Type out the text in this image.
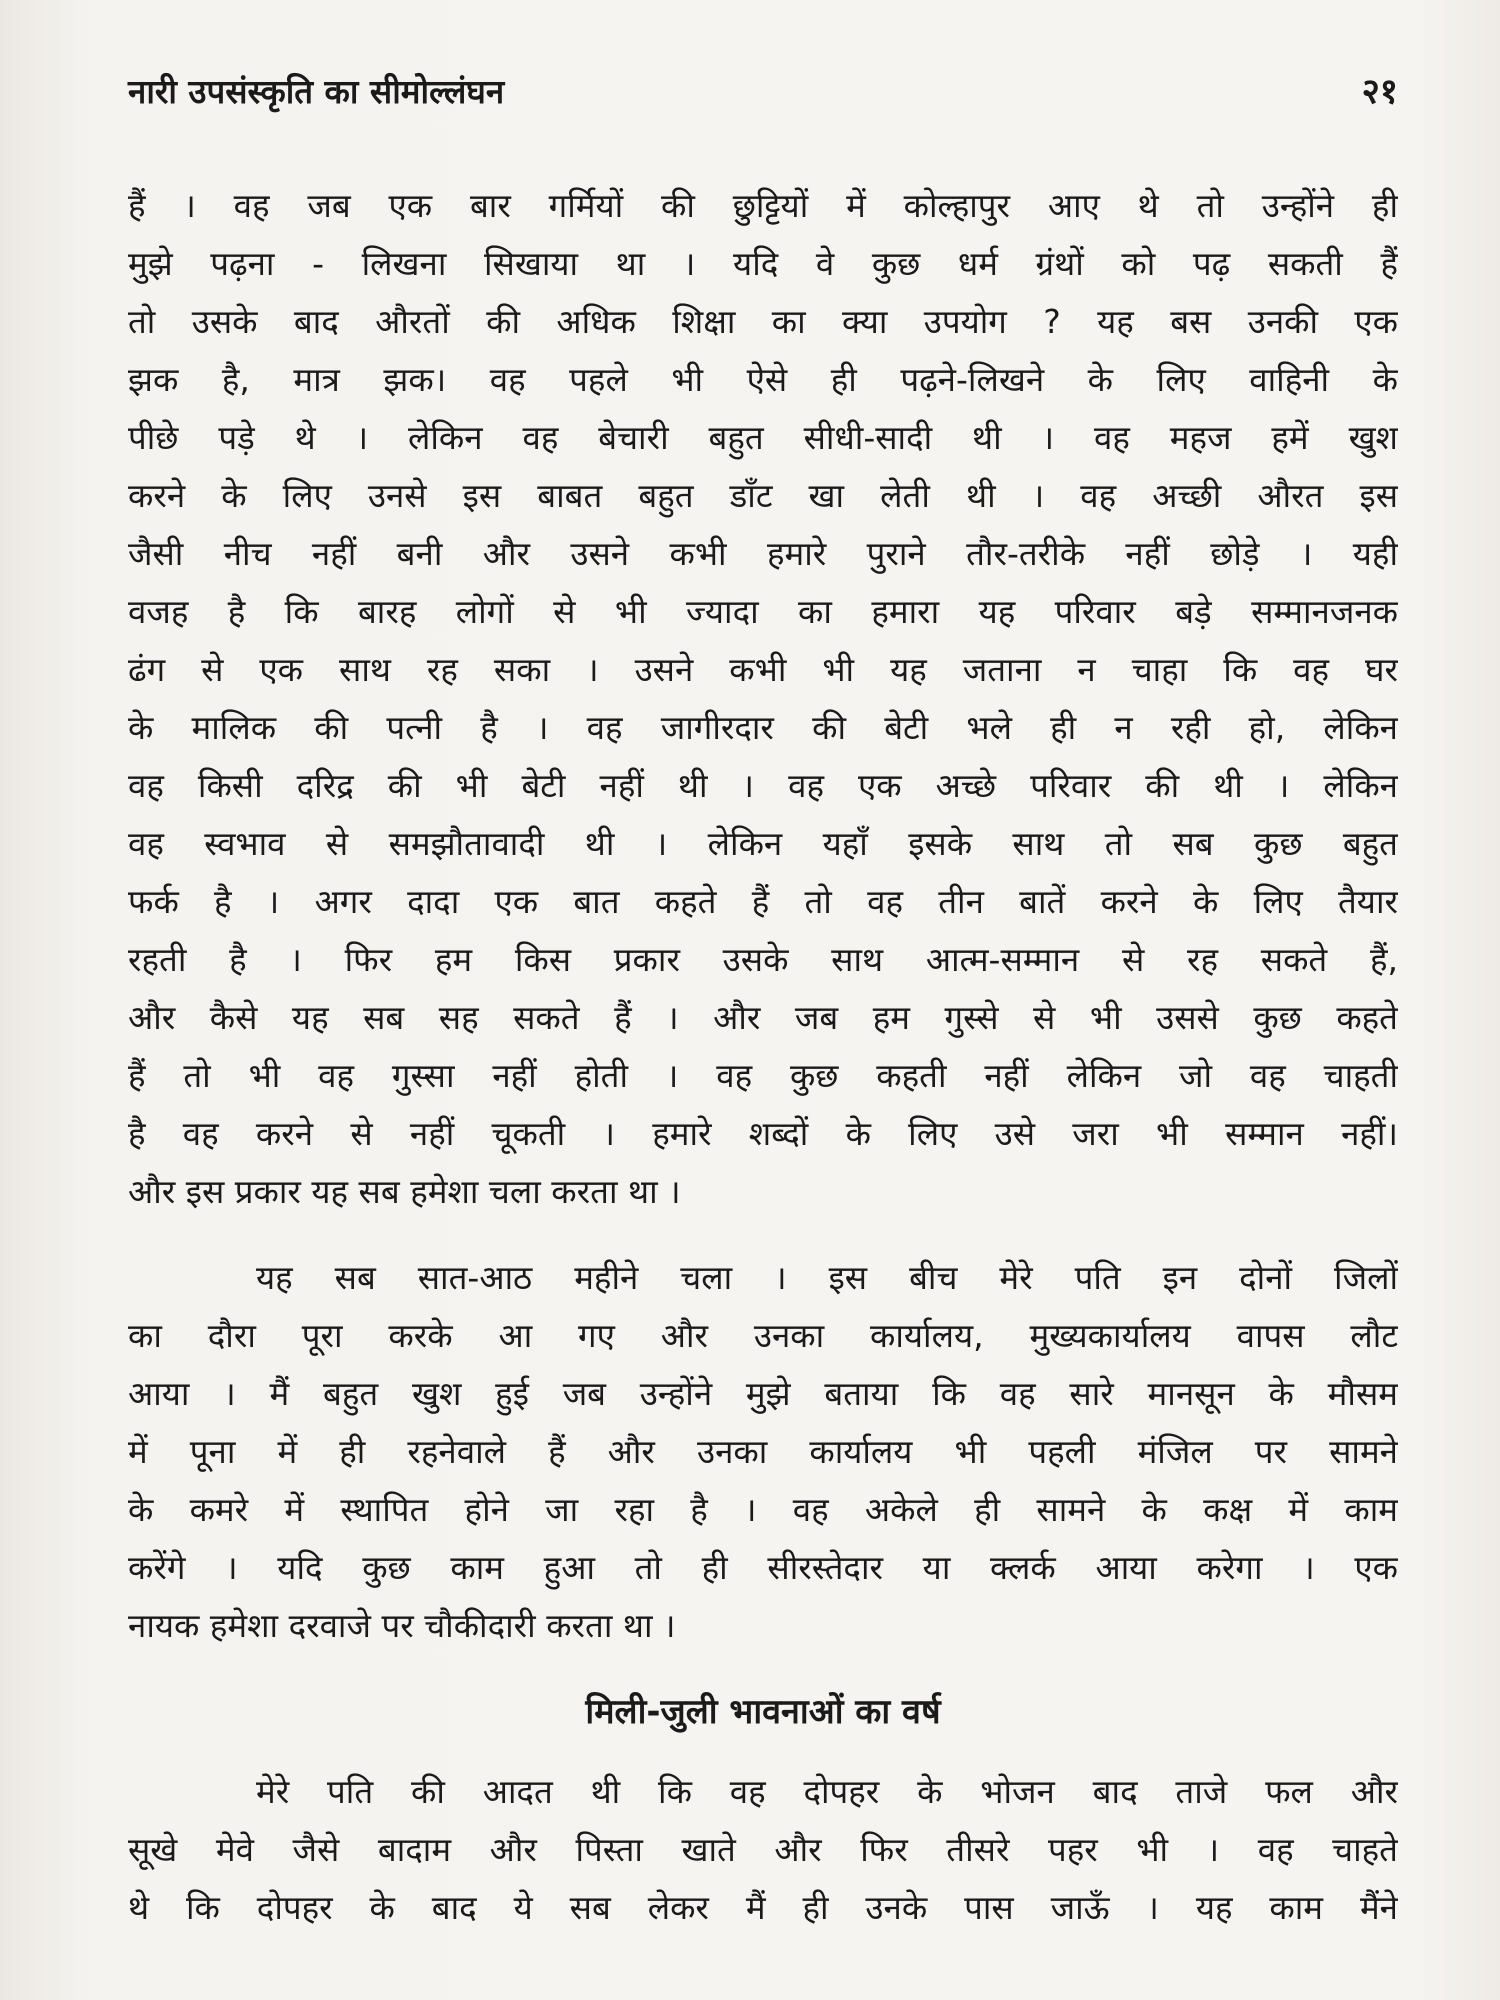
नारी उपसंस्कृति का सीमोल्लंघन	२१
हैं । वह जब एक बार गर्मियों की छुट्टियों में कोल्हापुर आए थे तो उन्होंने ही
मुझे पढ़ना - लिखना सिखाया था । यदि वे कुछ धर्म ग्रंथों को पढ़ सकती हैं
तो उसके बाद औरतों की अधिक शिक्षा का क्या उपयोग ? यह बस उनकी एक
झक है, मात्र झक। वह पहले भी ऐसे ही पढ़ने-लिखने के लिए वाहिनी के
पीछे पड़े थे । लेकिन वह बेचारी बहुत सीधी-सादी थी । वह महज हमें खुश
करने के लिए उनसे इस बाबत बहुत डाँट खा लेती थी । वह अच्छी औरत इस
जैसी नीच नहीं बनी और उसने कभी हमारे पुराने तौर-तरीके नहीं छोड़े । यही
वजह है कि बारह लोगों से भी ज्यादा का हमारा यह परिवार बड़े सम्मानजनक
ढंग से एक साथ रह सका । उसने कभी भी यह जताना न चाहा कि वह घर
के मालिक की पत्नी है । वह जागीरदार की बेटी भले ही न रही हो, लेकिन
वह किसी दरिद्र की भी बेटी नहीं थी । वह एक अच्छे परिवार की थी । लेकिन
वह स्वभाव से समझौतावादी थी । लेकिन यहाँ इसके साथ तो सब कुछ बहुत
फर्क है । अगर दादा एक बात कहते हैं तो वह तीन बातें करने के लिए तैयार
रहती है । फिर हम किस प्रकार उसके साथ आत्म-सम्मान से रह सकते हैं,
और कैसे यह सब सह सकते हैं । और जब हम गुस्से से भी उससे कुछ कहते
हैं तो भी वह गुस्सा नहीं होती । वह कुछ कहती नहीं लेकिन जो वह चाहती
है वह करने से नहीं चूकती । हमारे शब्दों के लिए उसे जरा भी सम्मान नहीं।
और इस प्रकार यह सब हमेशा चला करता था ।
यह सब सात-आठ महीने चला । इस बीच मेरे पति इन दोनों जिलों
का दौरा पूरा करके आ गए और उनका कार्यालय, मुख्यकार्यालय वापस लौट
आया । मैं बहुत खुश हुई जब उन्होंने मुझे बताया कि वह सारे मानसून के मौसम
में पूना में ही रहनेवाले हैं और उनका कार्यालय भी पहली मंजिल पर सामने
के कमरे में स्थापित होने जा रहा है । वह अकेले ही सामने के कक्ष में काम
करेंगे । यदि कुछ काम हुआ तो ही सीरस्तेदार या क्लर्क आया करेगा । एक
नायक हमेशा दरवाजे पर चौकीदारी करता था ।
मिली-जुली भावनाओं का वर्ष
मेरे पति की आदत थी कि वह दोपहर के भोजन बाद ताजे फल और
सूखे मेवे जैसे बादाम और पिस्ता खाते और फिर तीसरे पहर भी । वह चाहते
थे कि दोपहर के बाद ये सब लेकर मैं ही उनके पास जाऊँ । यह काम मैंने
